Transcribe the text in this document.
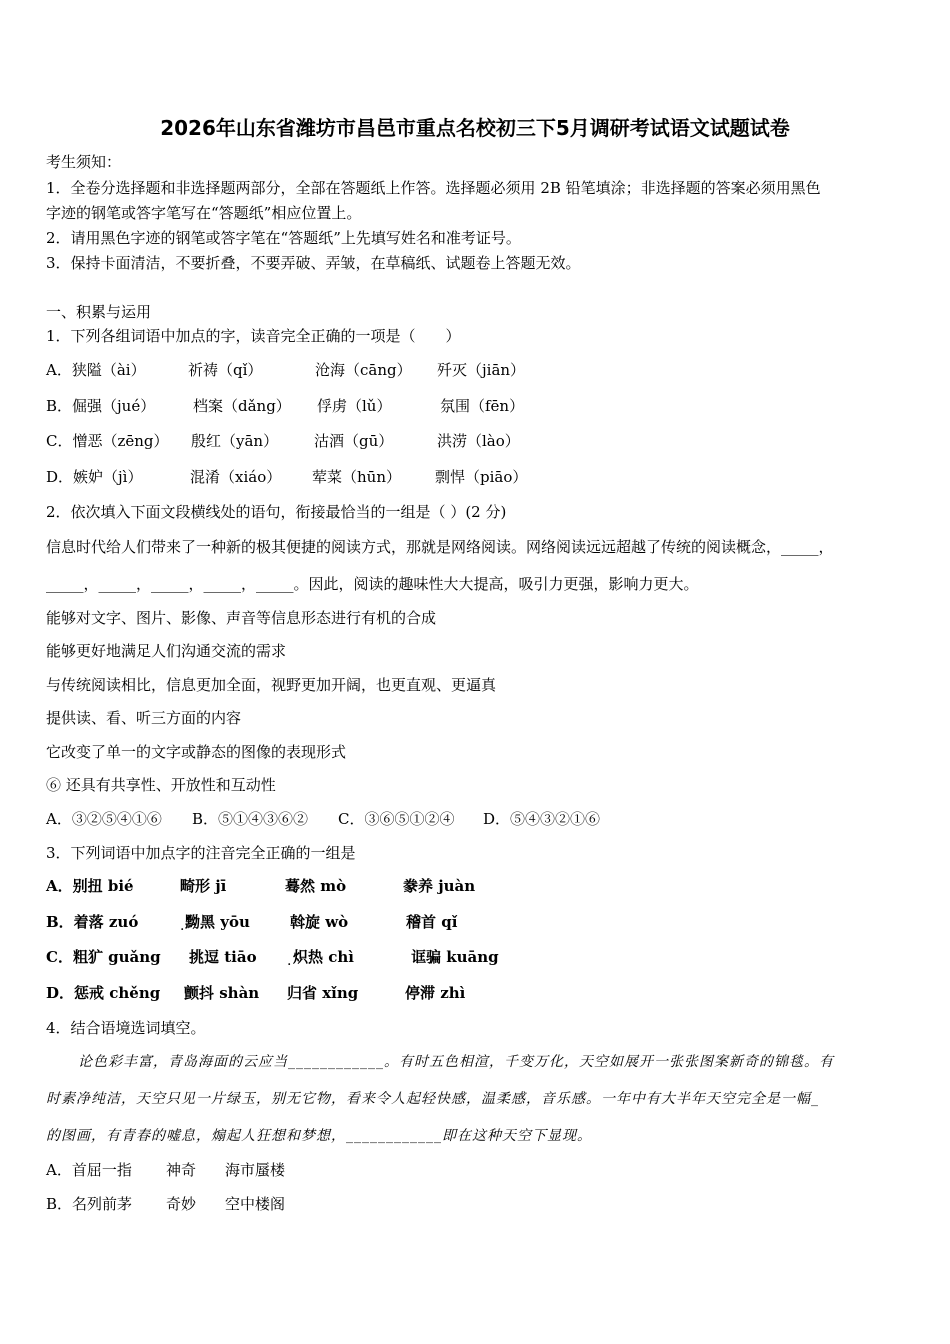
2026年山东省潍坊市昌邑市重点名校初三下5月调研考试语文试题试卷
考生须知：
1．全卷分选择题和非选择题两部分，全部在答题纸上作答。选择题必须用 2B 铅笔填涂；非选择题的答案必须用黑色
字迹的钢笔或答字笔写在“答题纸”相应位置上。
2．请用黑色字迹的钢笔或答字笔在“答题纸”上先填写姓名和准考证号。
3．保持卡面清洁，不要折叠，不要弄破、弄皱，在草稿纸、试题卷上答题无效。
一、积累与运用
1．下列各组词语中加点的字，读音完全正确的一项是（　　）
A．狭隘（ài）	祈祷（qǐ）	沧海（cāng） 歼灭（jiān）
B．倔强（jué）	档案（dǎng） 俘虏（lǔ）	氛围（fēn）
C．憎恶（zēng） 殷红（yān） 沽酒（gū）	洪涝（lào）
D．嫉妒（jì）	混淆（xiáo） 荤菜（hūn） 剽悍（piāo）
2．依次填入下面文段横线处的语句，衔接最恰当的一组是（ ）(2 分)
信息时代给人们带来了一种新的极其便捷的阅读方式，那就是网络阅读。网络阅读远远超越了传统的阅读概念，_____，
_____，_____，_____，_____，_____。因此，阅读的趣味性大大提高，吸引力更强，影响力更大。
能够对文字、图片、影像、声音等信息形态进行有机的合成
能够更好地满足人们沟通交流的需求
与传统阅读相比，信息更加全面，视野更加开阔，也更直观、更逼真
提供读、看、听三方面的内容
它改变了单一的文字或静态的图像的表现形式
⑥ 还具有共享性、开放性和互动性
A．③②⑤④①⑥ B．⑤①④③⑥② C．③⑥⑤①②④ D．⑤④③②①⑥
3．下列词语中加点字的注音完全正确的一组是
A．别扭 bié	畸形 jī	蓦然 mò	豢养 juàn
B．着落 zuó	· 黝黑 yōu	斡旋 wò	稽首 qǐ
C．粗犷 guǎng 挑逗 tiāo · 炽热 chì	诓骗 kuāng
D．惩戒 chěng 颤抖 shàn 归省 xǐng	停滞 zhì
4．结合语境选词填空。
论色彩丰富，青岛海面的云应当____________。有时五色相渲，千变万化，天空如展开一张张图案新奇的锦毯。有
时素净纯洁，天空只见一片绿玉，别无它物，看来令人起轻快感，温柔感，音乐感。一年中有大半年天空完全是一幅_
的图画，有青春的嘘息，煽起人狂想和梦想，____________即在这种天空下显现。
A．首屈一指 神奇 海市蜃楼
B．名列前茅 奇妙 空中楼阁
